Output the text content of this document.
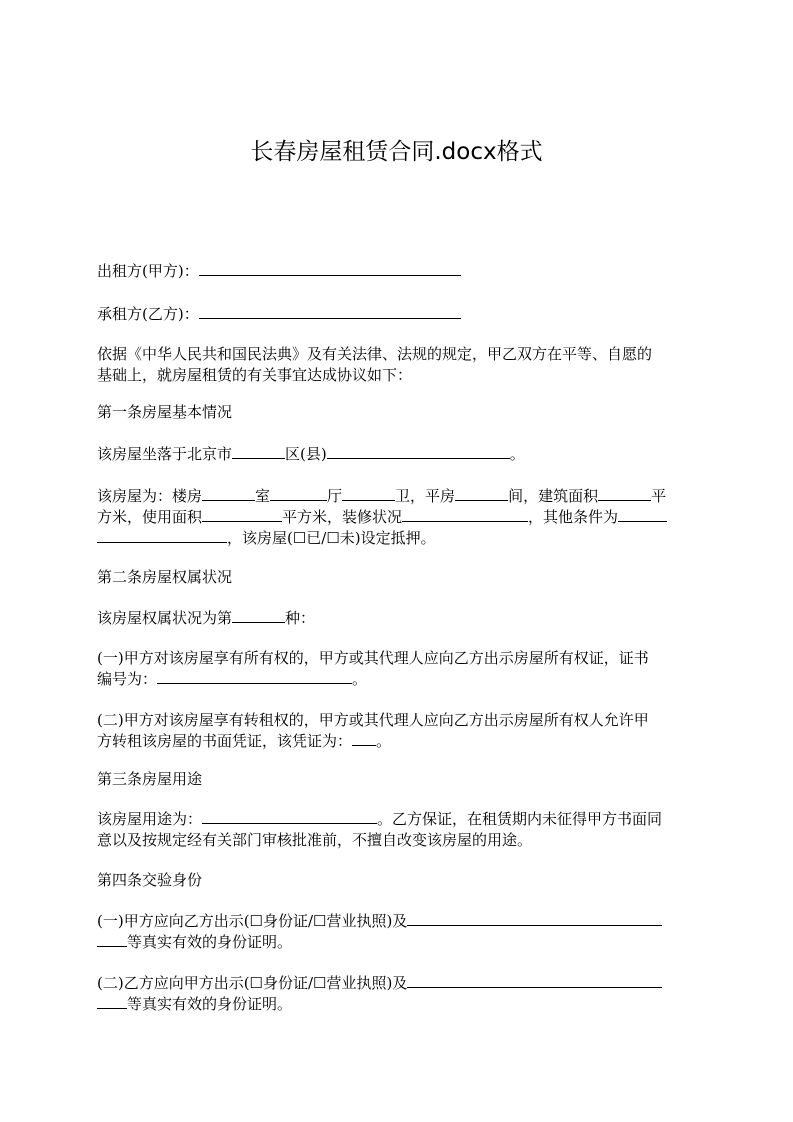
长春房屋租赁合同.docx格式
出租方(甲方)：
承租方(乙方)：
依据《中华人民共和国民法典》及有关法律、法规的规定，甲乙双方在平等、自愿的
基础上，就房屋租赁的有关事宜达成协议如下：
第一条房屋基本情况
该房屋坐落于北京市	区(县)	。
该房屋为：楼房	室	厅	卫，平房	间，建筑面积	平
方米，使用面积	平方米，装修状况	，其他条件为
，该房屋(☐已/☐未)设定抵押。
第二条房屋权属状况
该房屋权属状况为第	种：
(一)甲方对该房屋享有所有权的，甲方或其代理人应向乙方出示房屋所有权证，证书
编号为：	。
(二)甲方对该房屋享有转租权的，甲方或其代理人应向乙方出示房屋所有权人允许甲
方转租该房屋的书面凭证，该凭证为： 。
第三条房屋用途
该房屋用途为：	。乙方保证，在租赁期内未征得甲方书面同
意以及按规定经有关部门审核批准前，不擅自改变该房屋的用途。
第四条交验身份
(一)甲方应向乙方出示(☐身份证/☐营业执照)及
等真实有效的身份证明。
(二)乙方应向甲方出示(☐身份证/☐营业执照)及
等真实有效的身份证明。
